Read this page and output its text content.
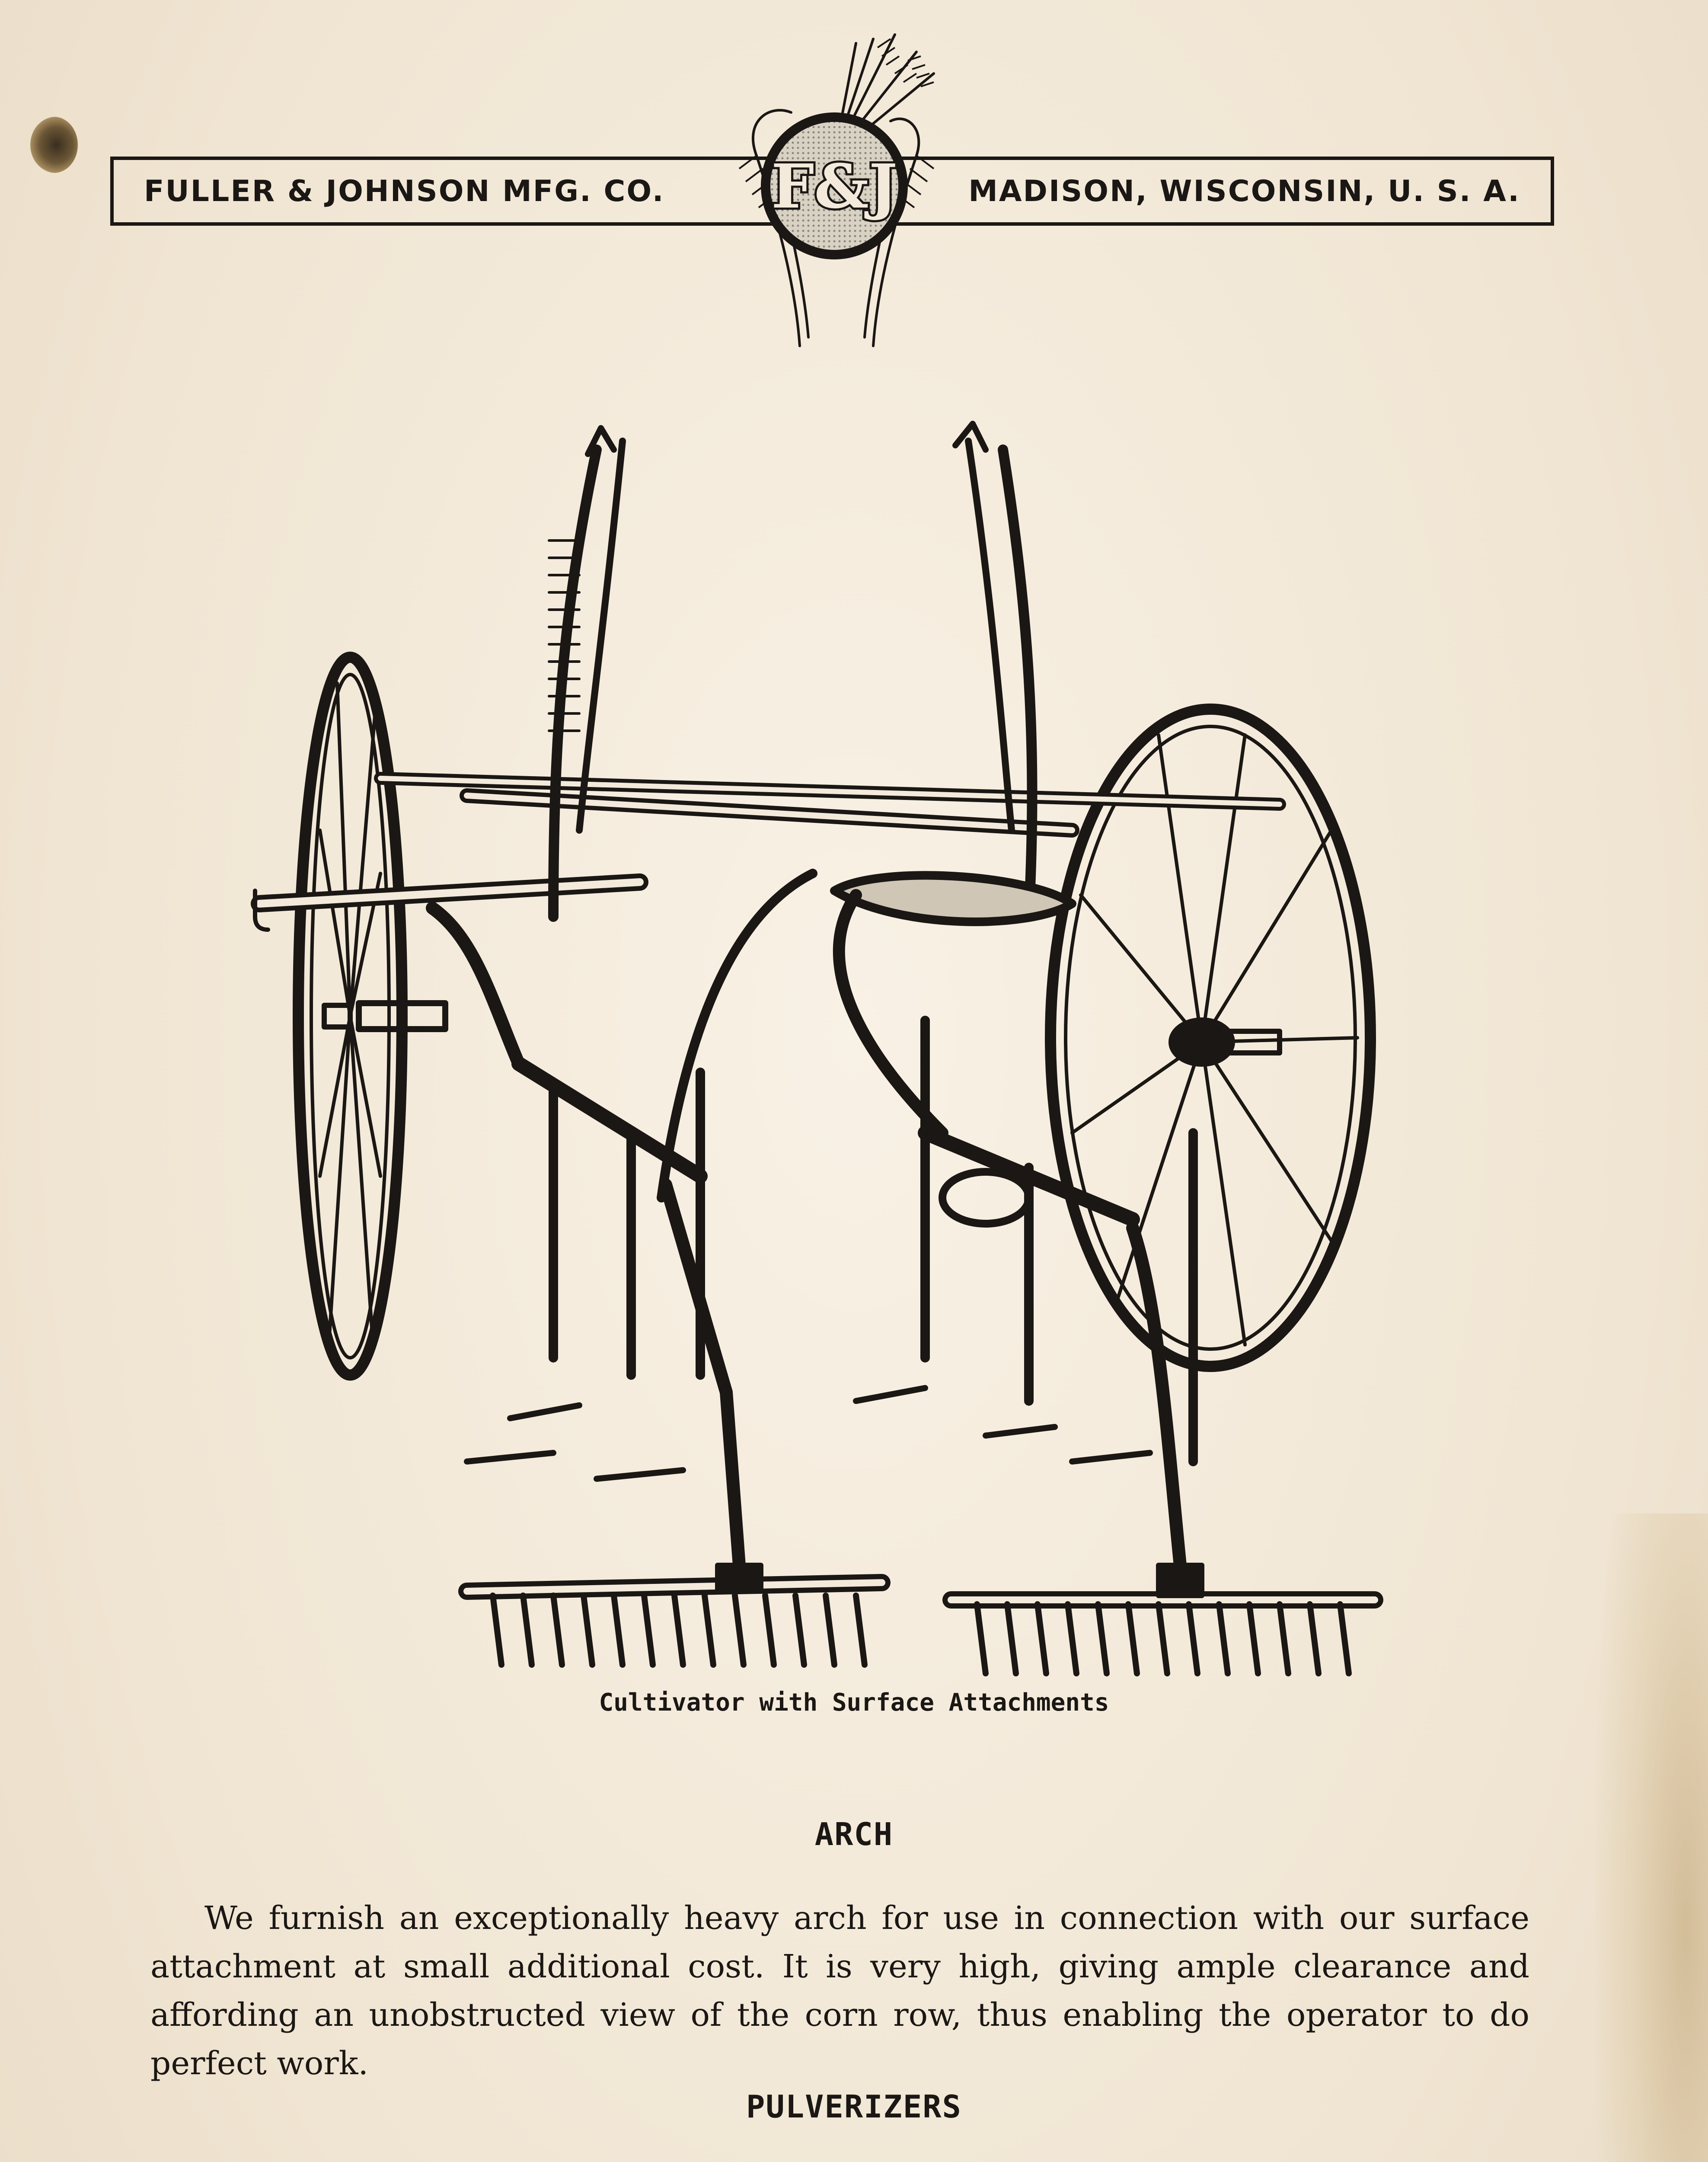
FULLER & JOHNSON MFG. CO.	MADISON, WISCONSIN, U. S. A.
F&J
Cultivator with Surface Attachments
ARCH

We furnish an exceptionally heavy arch for use in connection with our surface attachment at small additional cost. It is very high, giving ample clearance and affording an unobstructed view of the corn row, thus enabling the operator to do perfect work.

PULVERIZERS
